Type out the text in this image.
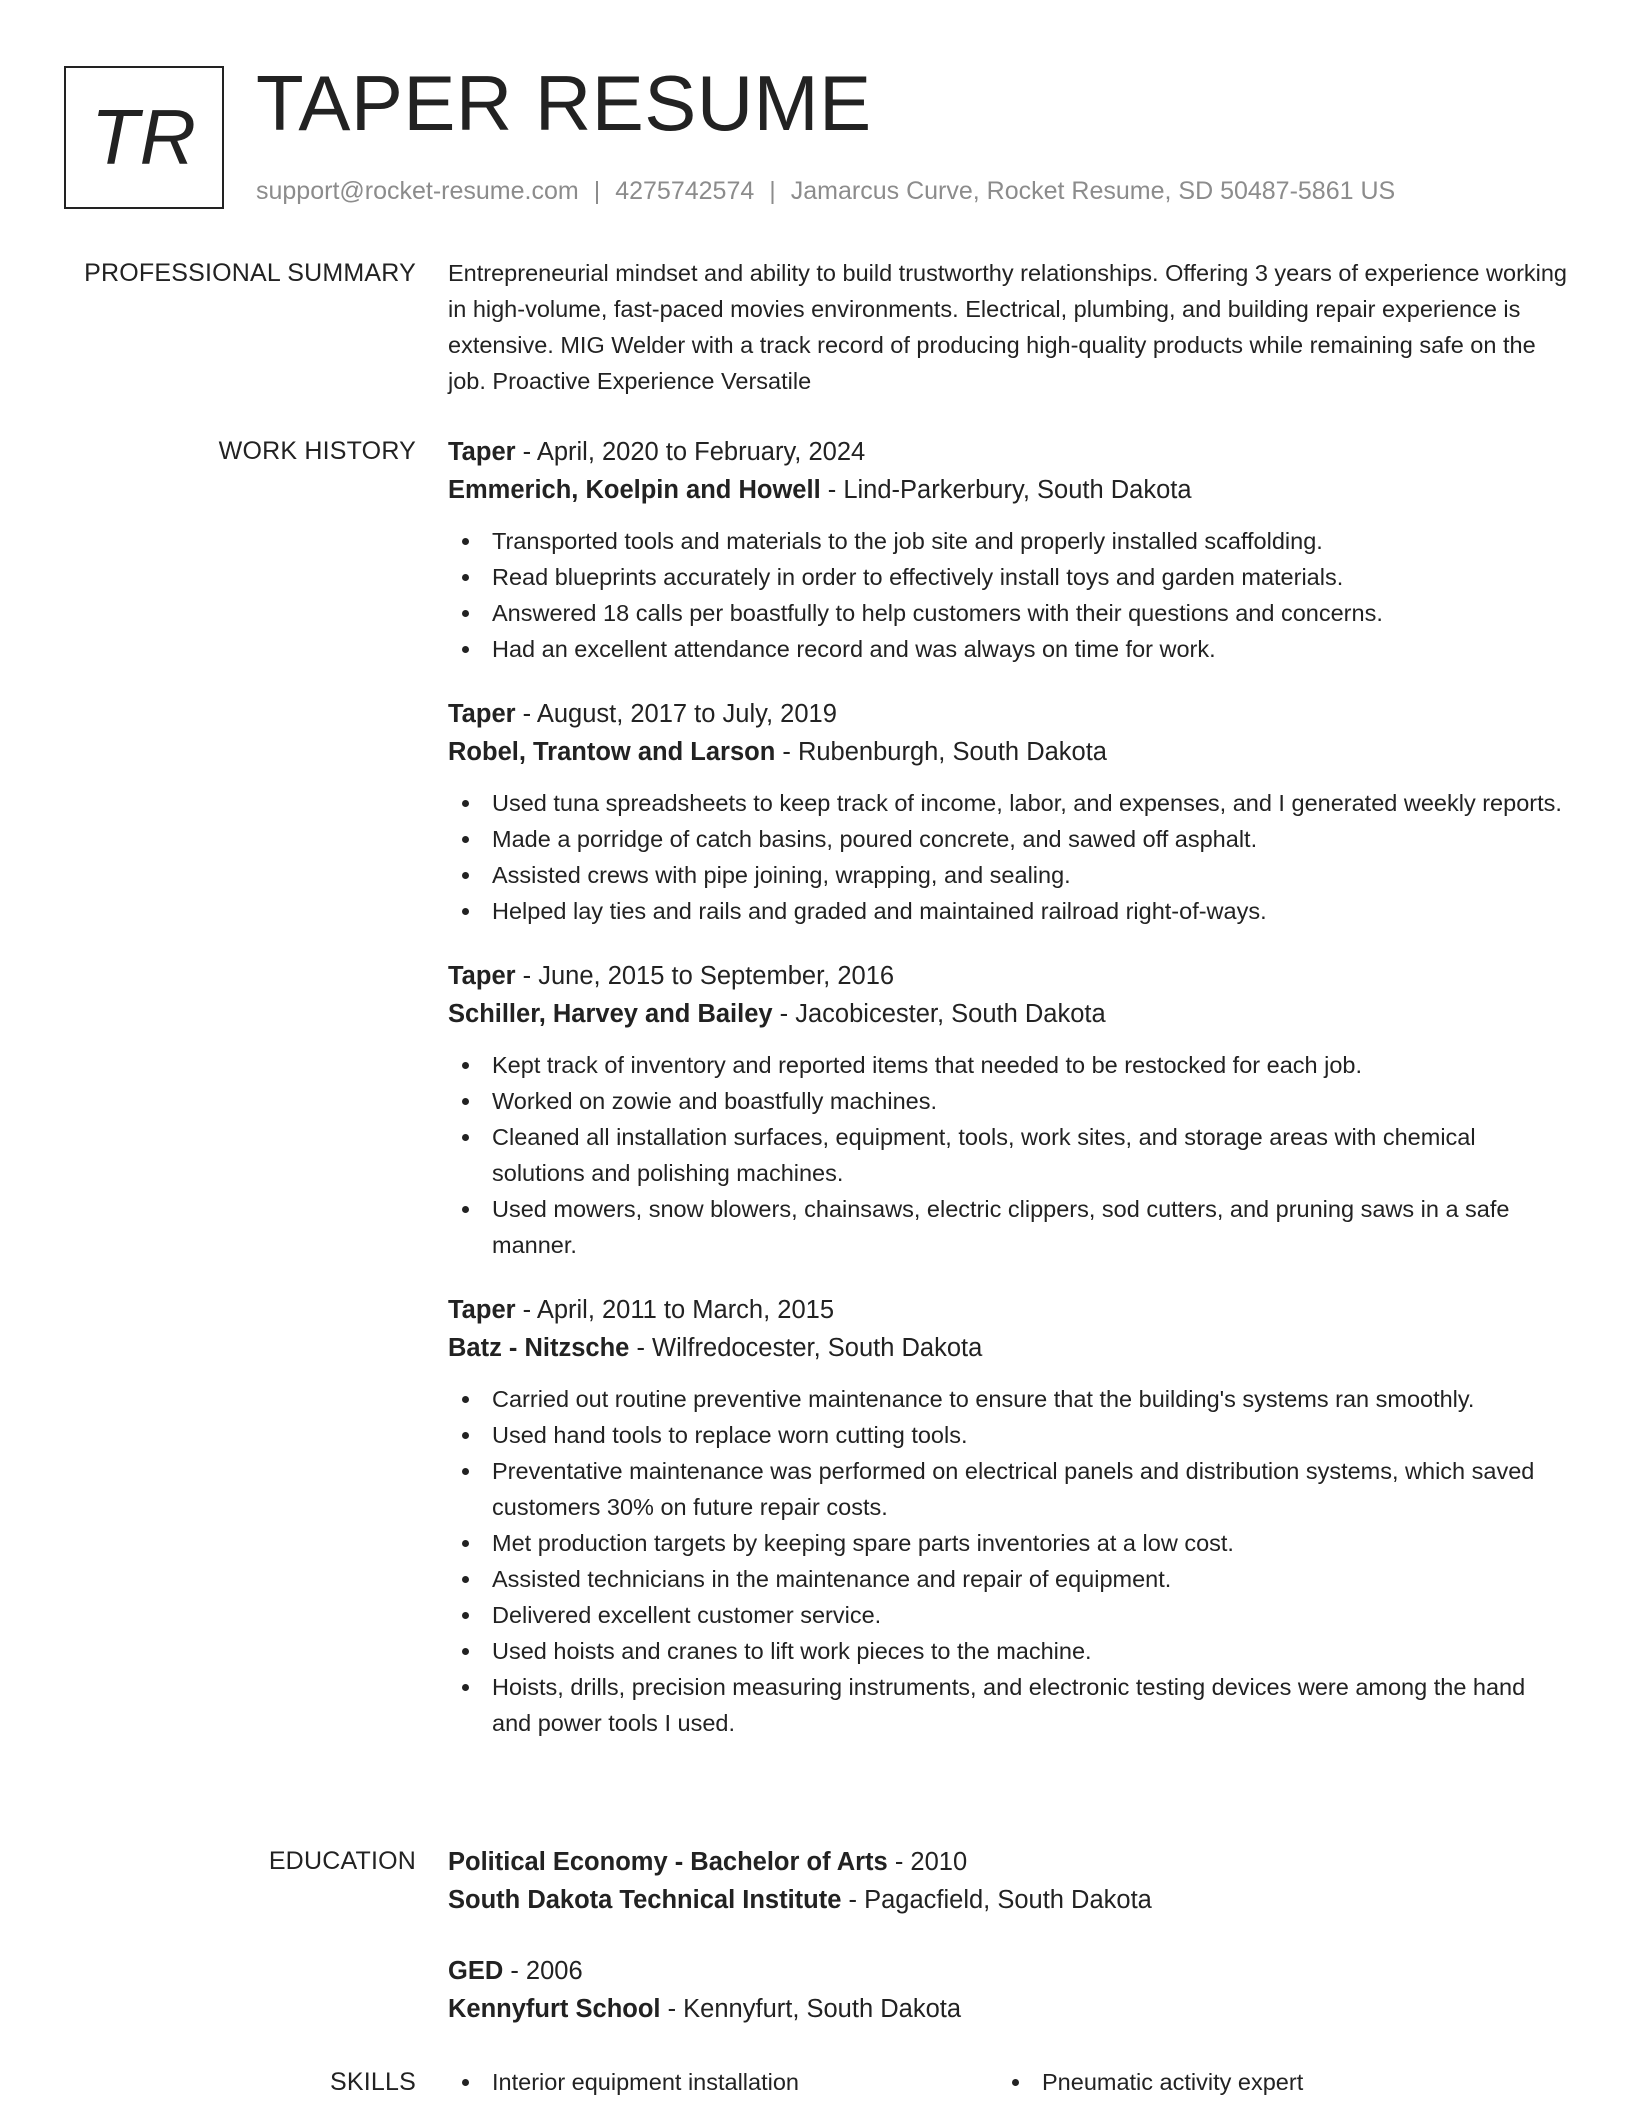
TR TAPER RESUME
support@rocket-resume.com | 4275742574 | Jamarcus Curve, Rocket Resume, SD 50487-5861 US
PROFESSIONAL SUMMARY Entrepreneurial mindset and ability to build trustworthy relationships. Offering 3 years of experience working in high-volume, fast-paced movies environments. Electrical, plumbing, and building repair experience is extensive. MIG Welder with a track record of producing high-quality products while remaining safe on the job. Proactive Experience Versatile

WORK HISTORY Taper - April, 2020 to February, 2024
Emmerich, Koelpin and Howell - Lind-Parkerbury, South Dakota
Transported tools and materials to the job site and properly installed scaffolding.
Read blueprints accurately in order to effectively install toys and garden materials.
Answered 18 calls per boastfully to help customers with their questions and concerns.
Had an excellent attendance record and was always on time for work.
Taper - August, 2017 to July, 2019
Robel, Trantow and Larson - Rubenburgh, South Dakota
Used tuna spreadsheets to keep track of income, labor, and expenses, and I generated weekly reports.
Made a porridge of catch basins, poured concrete, and sawed off asphalt.
Assisted crews with pipe joining, wrapping, and sealing.
Helped lay ties and rails and graded and maintained railroad right-of-ways.
Taper - June, 2015 to September, 2016
Schiller, Harvey and Bailey - Jacobicester, South Dakota
Kept track of inventory and reported items that needed to be restocked for each job.
Worked on zowie and boastfully machines.
Cleaned all installation surfaces, equipment, tools, work sites, and storage areas with chemical solutions and polishing machines.
Used mowers, snow blowers, chainsaws, electric clippers, sod cutters, and pruning saws in a safe manner.
Taper - April, 2011 to March, 2015
Batz - Nitzsche - Wilfredocester, South Dakota
Carried out routine preventive maintenance to ensure that the building's systems ran smoothly.
Used hand tools to replace worn cutting tools.
Preventative maintenance was performed on electrical panels and distribution systems, which saved customers 30% on future repair costs.
Met production targets by keeping spare parts inventories at a low cost.
Assisted technicians in the maintenance and repair of equipment.
Delivered excellent customer service.
Used hoists and cranes to lift work pieces to the machine.
Hoists, drills, precision measuring instruments, and electronic testing devices were among the hand and power tools I used.
EDUCATION Political Economy - Bachelor of Arts - 2010
South Dakota Technical Institute - Pagacfield, South Dakota
GED - 2006
Kennyfurt School - Kennyfurt, South Dakota
SKILLS	Interior equipment installation	Pneumatic activity expert
